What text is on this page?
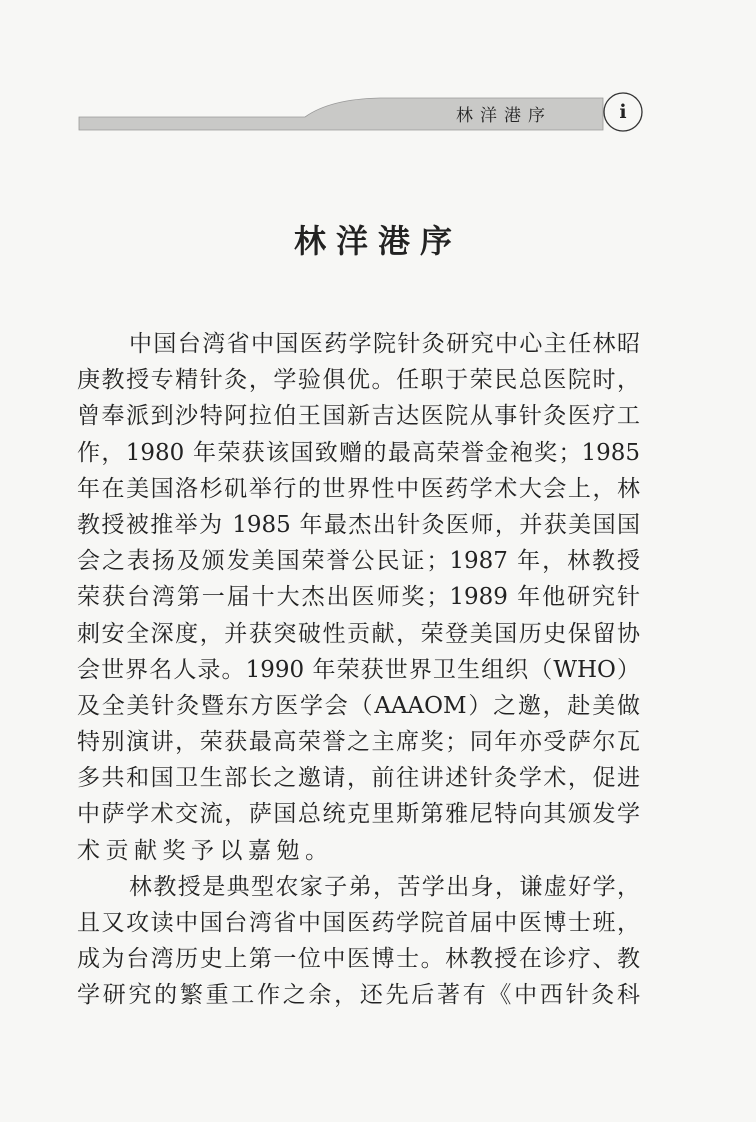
林洋港序	i
林洋港序
中国台湾省中国医药学院针灸研究中心主任林昭
庚教授专精针灸，学验俱优。任职于荣民总医院时，
曾奉派到沙特阿拉伯王国新吉达医院从事针灸医疗工
作，1980 年荣获该国致赠的最高荣誉金袍奖；1985
年在美国洛杉矶举行的世界性中医药学术大会上，林
教授被推举为 1985 年最杰出针灸医师，并获美国国
会之表扬及颁发美国荣誉公民证；1987 年，林教授
荣获台湾第一届十大杰出医师奖；1989 年他研究针
刺安全深度，并获突破性贡献，荣登美国历史保留协
会世界名人录。1990 年荣获世界卫生组织（WHO）
及全美针灸暨东方医学会（AAAOM）之邀，赴美做
特别演讲，荣获最高荣誉之主席奖；同年亦受萨尔瓦
多共和国卫生部长之邀请，前往讲述针灸学术，促进
中萨学术交流，萨国总统克里斯第雅尼特向其颁发学
术贡献奖予以嘉勉。
林教授是典型农家子弟，苦学出身，谦虚好学，
且又攻读中国台湾省中国医药学院首届中医博士班，
成为台湾历史上第一位中医博士。林教授在诊疗、教
学研究的繁重工作之余，还先后著有《中西针灸科
